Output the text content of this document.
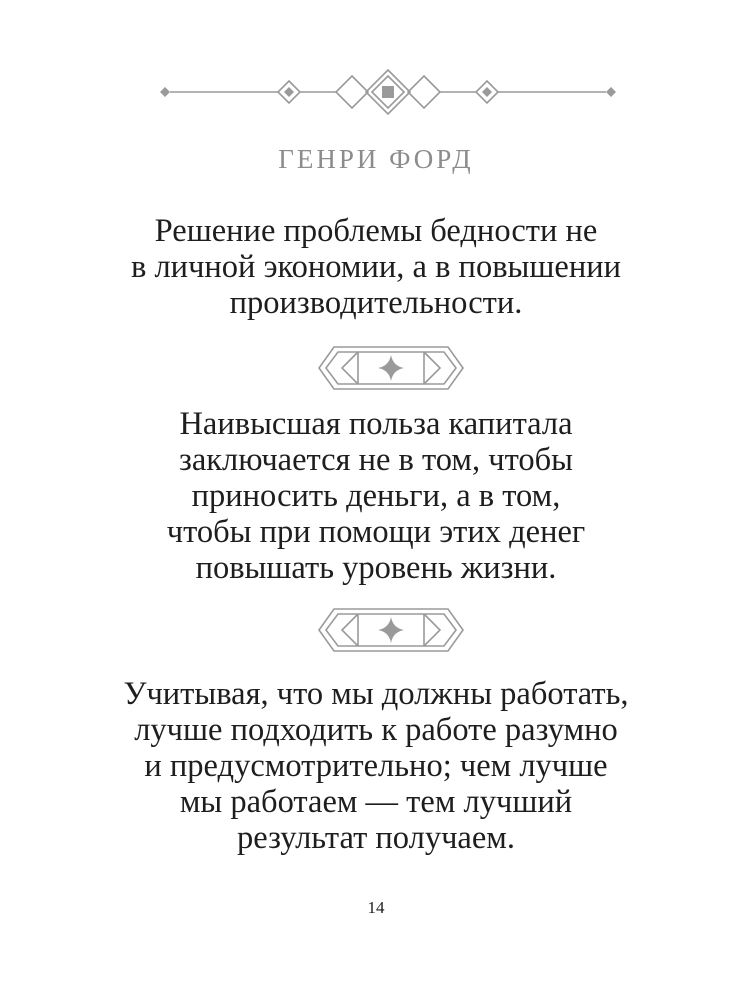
ГЕНРИ ФОРД
Решение проблемы бедности не
в личной экономии, а в повышении
производительности.
Наивысшая польза капитала
заключается не в том, чтобы
приносить деньги, а в том,
чтобы при помощи этих денег
повышать уровень жизни.
Учитывая, что мы должны работать,
лучше подходить к работе разумно
и предусмотрительно; чем лучше
мы работаем — тем лучший
результат получаем.
14
